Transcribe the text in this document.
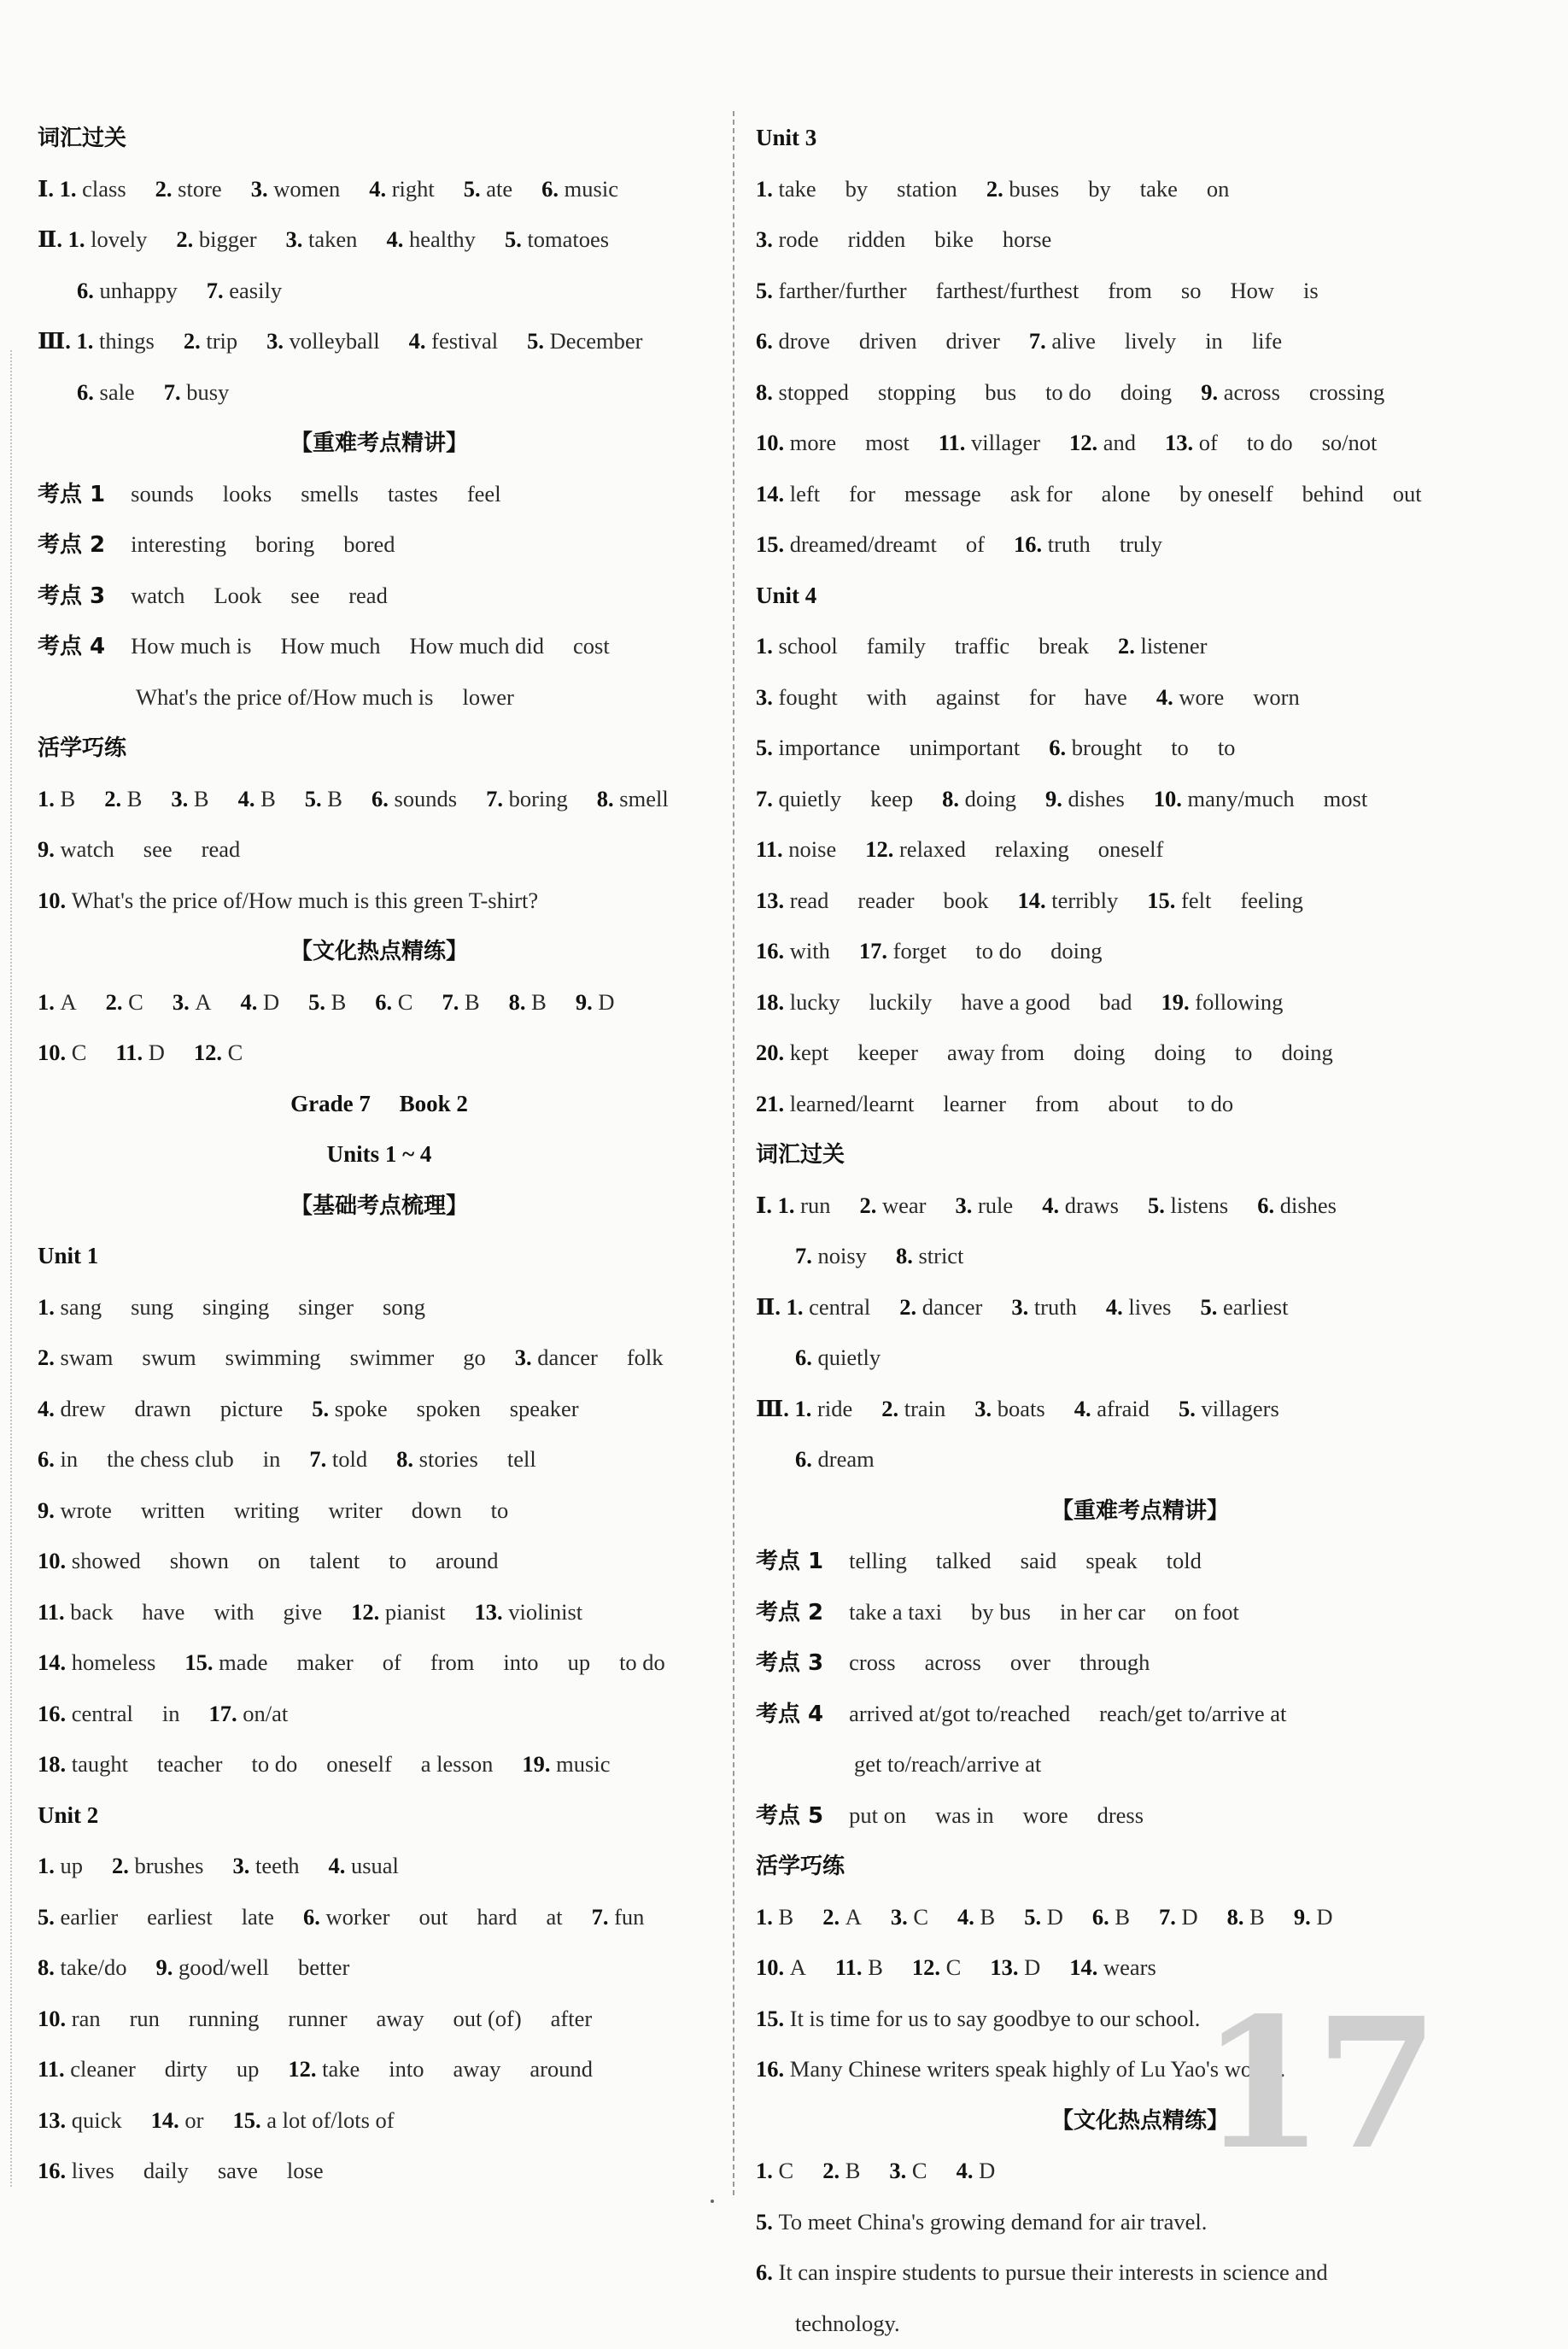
词汇过关
Ⅰ. 1. class 2. store 3. women 4. right 5. ate 6. music
Ⅱ. 1. lovely 2. bigger 3. taken 4. healthy 5. tomatoes
6. unhappy 7. easily
Ⅲ. 1. things 2. trip 3. volleyball 4. festival 5. December
6. sale 7. busy
【重难考点精讲】
考点 1 sounds looks smells tastes feel
考点 2 interesting boring bored
考点 3 watch Look see read
考点 4 How much is How much How much did cost
What's the price of/How much is lower
活学巧练
1. B 2. B 3. B 4. B 5. B 6. sounds 7. boring 8. smell
9. watch see read
10. What's the price of/How much is this green T-shirt?
【文化热点精练】
1. A 2. C 3. A 4. D 5. B 6. C 7. B 8. B 9. D
10. C 11. D 12. C
Grade 7　 Book 2
Units 1 ~ 4
【基础考点梳理】
Unit 1
1. sang sung singing singer song
2. swam swum swimming swimmer go 3. dancer folk
4. drew drawn picture 5. spoke spoken speaker
6. in the chess club in 7. told 8. stories tell
9. wrote written writing writer down to
10. showed shown on talent to around
11. back have with give 12. pianist 13. violinist
14. homeless 15. made maker of from into up to do
16. central in 17. on/at
18. taught teacher to do oneself a lesson 19. music
Unit 2
1. up 2. brushes 3. teeth 4. usual
5. earlier earliest late 6. worker out hard at 7. fun
8. take/do 9. good/well better
10. ran run running runner away out (of) after
11. cleaner dirty up 12. take into away around
13. quick 14. or 15. a lot of/lots of
16. lives daily save lose
Unit 3
1. take by station 2. buses by take on
3. rode ridden bike horse
5. farther/further farthest/furthest from so How is
6. drove driven driver 7. alive lively in life
8. stopped stopping bus to do doing 9. across crossing
10. more most 11. villager 12. and 13. of to do so/not
14. left for message ask for alone by oneself behind out
15. dreamed/dreamt of 16. truth truly
Unit 4
1. school family traffic break 2. listener
3. fought with against for have 4. wore worn
5. importance unimportant 6. brought to to
7. quietly keep 8. doing 9. dishes 10. many/much most
11. noise 12. relaxed relaxing oneself
13. read reader book 14. terribly 15. felt feeling
16. with 17. forget to do doing
18. lucky luckily have a good bad 19. following
20. kept keeper away from doing doing to doing
21. learned/learnt learner from about to do
词汇过关
Ⅰ. 1. run 2. wear 3. rule 4. draws 5. listens 6. dishes
7. noisy 8. strict
Ⅱ. 1. central 2. dancer 3. truth 4. lives 5. earliest
6. quietly
Ⅲ. 1. ride 2. train 3. boats 4. afraid 5. villagers
6. dream
【重难考点精讲】
考点 1 telling talked said speak told
考点 2 take a taxi by bus in her car on foot
考点 3 cross across over through
考点 4 arrived at/got to/reached reach/get to/arrive at
get to/reach/arrive at
考点 5 put on was in wore dress
活学巧练
1. B 2. A 3. C 4. B 5. D 6. B 7. D 8. B 9. D
10. A 11. B 12. C 13. D 14. wears
15. It is time for us to say goodbye to our school.
16. Many Chinese writers speak highly of Lu Yao's works.
【文化热点精练】
1. C 2. B 3. C 4. D
5. To meet China's growing demand for air travel.
6. It can inspire students to pursue their interests in science and
technology.
17
